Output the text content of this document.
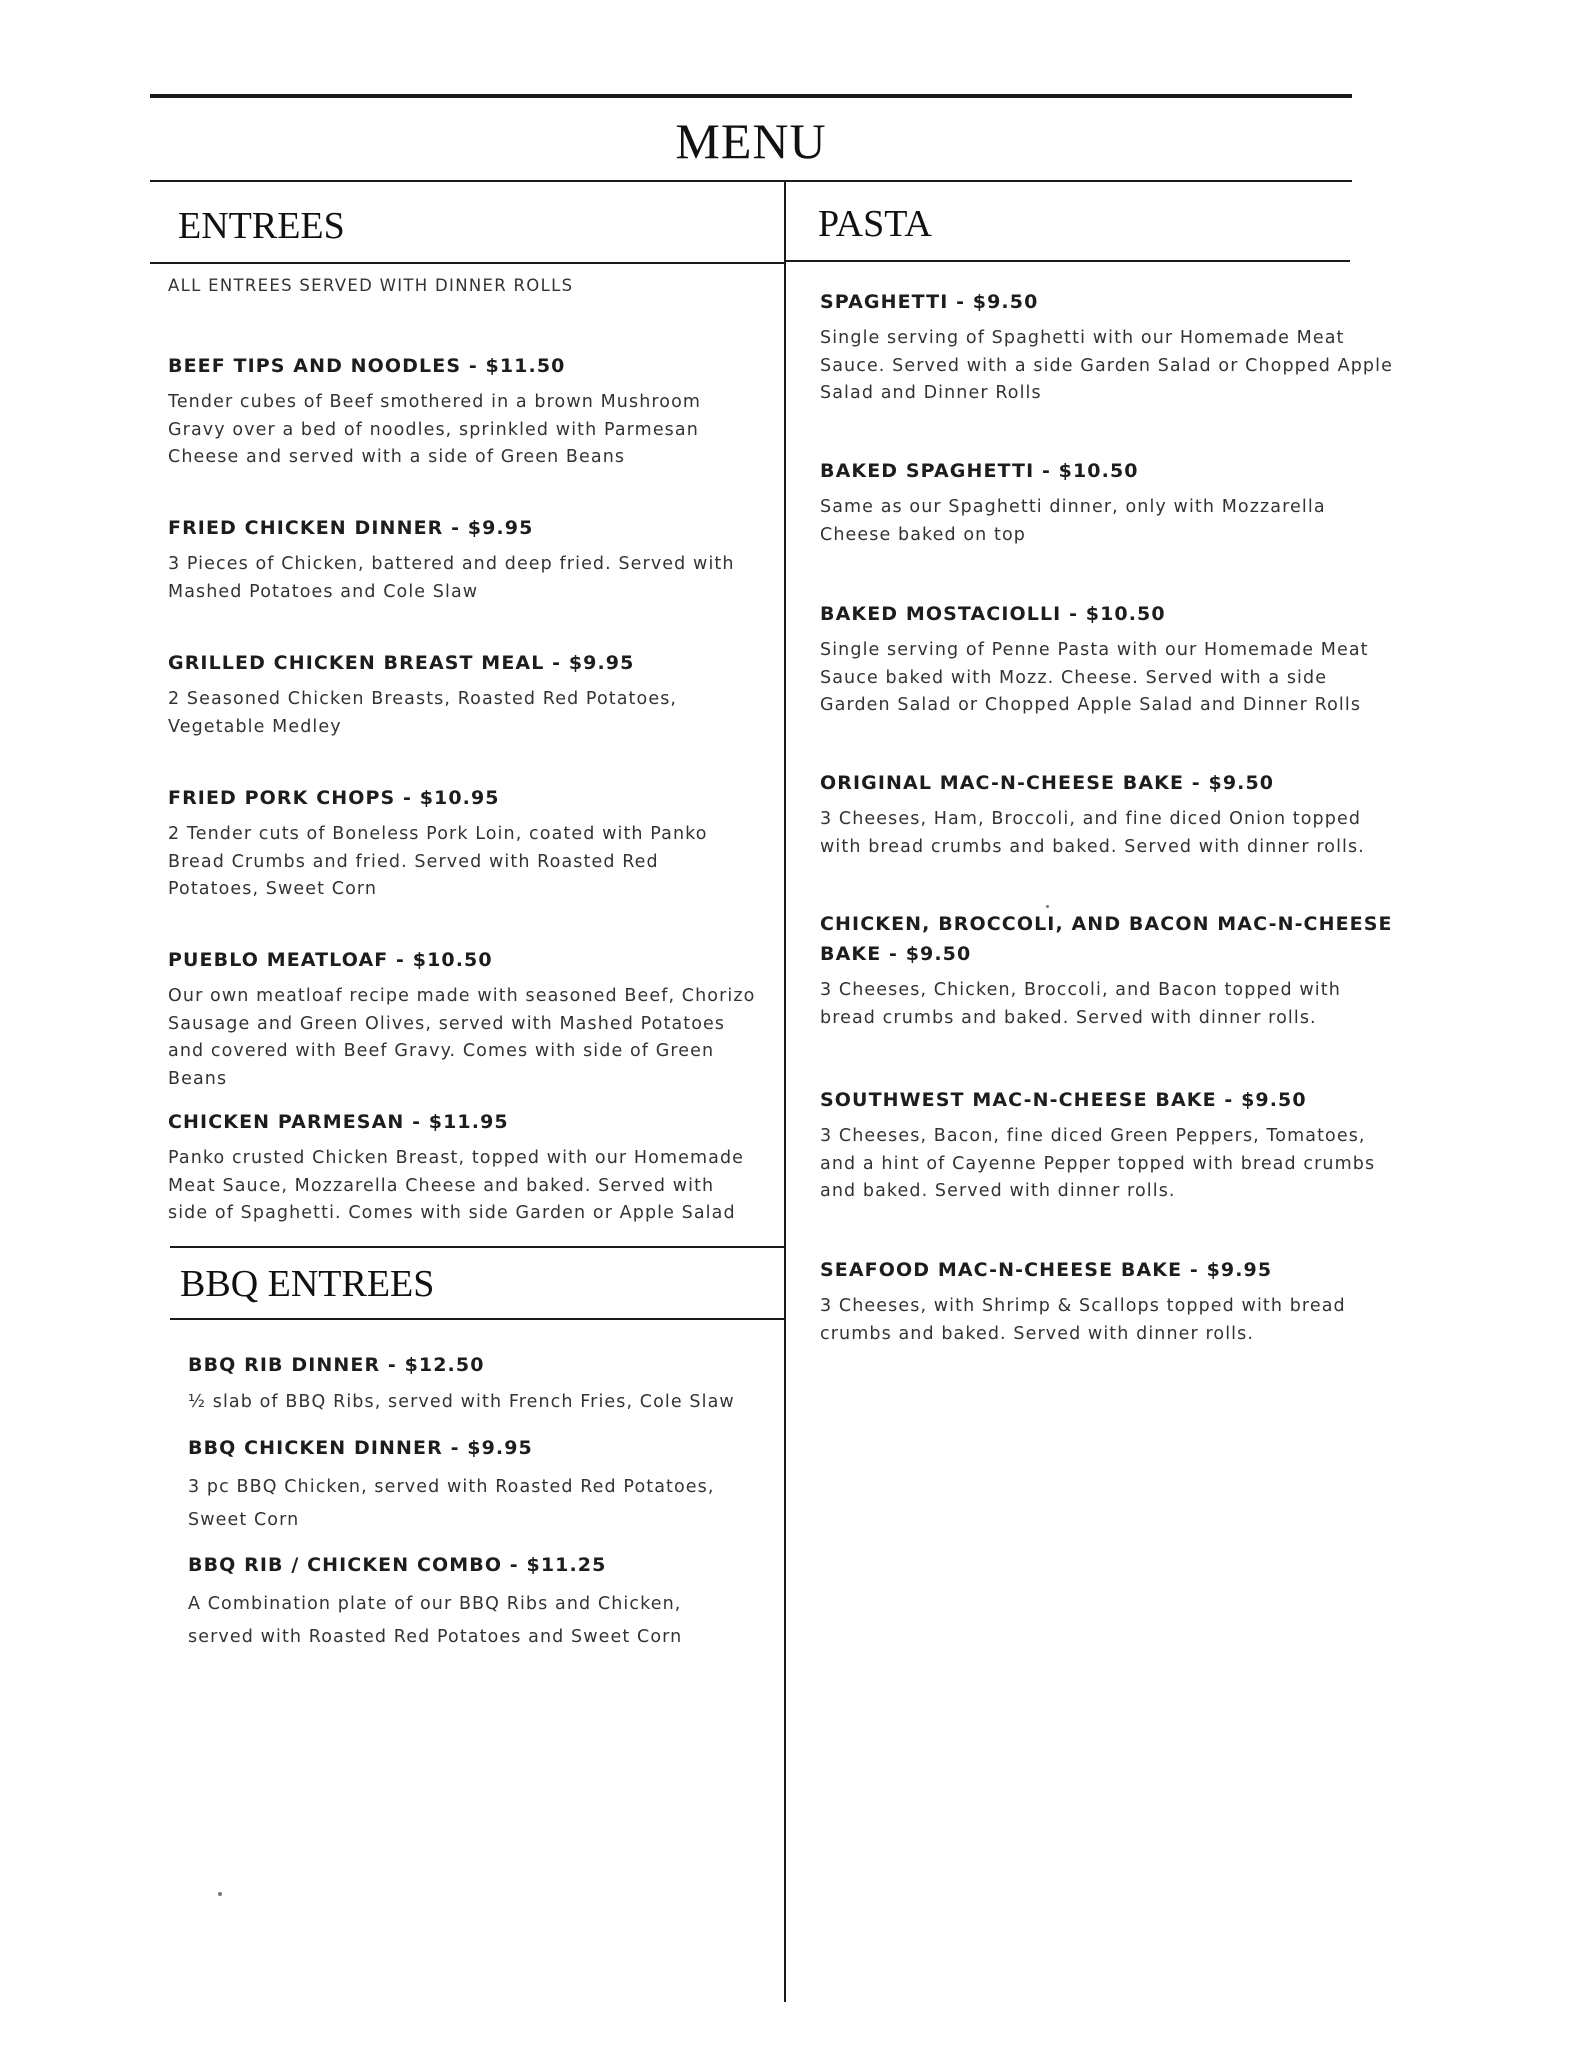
MENU
ENTREES	PASTA
BBQ ENTREES
ALL ENTREES SERVED WITH DINNER ROLLS
BEEF TIPS AND NOODLES - $11.50
Tender cubes of Beef smothered in a brown Mushroom Gravy over a bed of noodles, sprinkled with Parmesan Cheese and served with a side of Green Beans
FRIED CHICKEN DINNER - $9.95
3 Pieces of Chicken, battered and deep fried. Served with Mashed Potatoes and Cole Slaw
GRILLED CHICKEN BREAST MEAL - $9.95
2 Seasoned Chicken Breasts, Roasted Red Potatoes, Vegetable Medley
FRIED PORK CHOPS - $10.95
2 Tender cuts of Boneless Pork Loin, coated with Panko Bread Crumbs and fried. Served with Roasted Red Potatoes, Sweet Corn
PUEBLO MEATLOAF - $10.50
Our own meatloaf recipe made with seasoned Beef, Chorizo Sausage and Green Olives, served with Mashed Potatoes and covered with Beef Gravy. Comes with side of Green Beans
CHICKEN PARMESAN - $11.95
Panko crusted Chicken Breast, topped with our Homemade Meat Sauce, Mozzarella Cheese and baked. Served with side of Spaghetti. Comes with side Garden or Apple Salad
BBQ RIB DINNER - $12.50
½ slab of BBQ Ribs, served with French Fries, Cole Slaw
BBQ CHICKEN DINNER - $9.95
3 pc BBQ Chicken, served with Roasted Red Potatoes, Sweet Corn
BBQ RIB / CHICKEN COMBO - $11.25
A Combination plate of our BBQ Ribs and Chicken, served with Roasted Red Potatoes and Sweet Corn
SPAGHETTI - $9.50
Single serving of Spaghetti with our Homemade Meat Sauce. Served with a side Garden Salad or Chopped Apple Salad and Dinner Rolls
BAKED SPAGHETTI - $10.50
Same as our Spaghetti dinner, only with Mozzarella Cheese baked on top
BAKED MOSTACIOLLI - $10.50
Single serving of Penne Pasta with our Homemade Meat Sauce baked with Mozz. Cheese. Served with a side Garden Salad or Chopped Apple Salad and Dinner Rolls
ORIGINAL MAC-N-CHEESE BAKE - $9.50
3 Cheeses, Ham, Broccoli, and fine diced Onion topped with bread crumbs and baked. Served with dinner rolls.
CHICKEN, BROCCOLI, AND BACON MAC-N-CHEESE BAKE - $9.50
3 Cheeses, Chicken, Broccoli, and Bacon topped with bread crumbs and baked. Served with dinner rolls.
SOUTHWEST MAC-N-CHEESE BAKE - $9.50
3 Cheeses, Bacon, fine diced Green Peppers, Tomatoes, and a hint of Cayenne Pepper topped with bread crumbs and baked. Served with dinner rolls.
SEAFOOD MAC-N-CHEESE BAKE - $9.95
3 Cheeses, with Shrimp & Scallops topped with bread crumbs and baked. Served with dinner rolls.
